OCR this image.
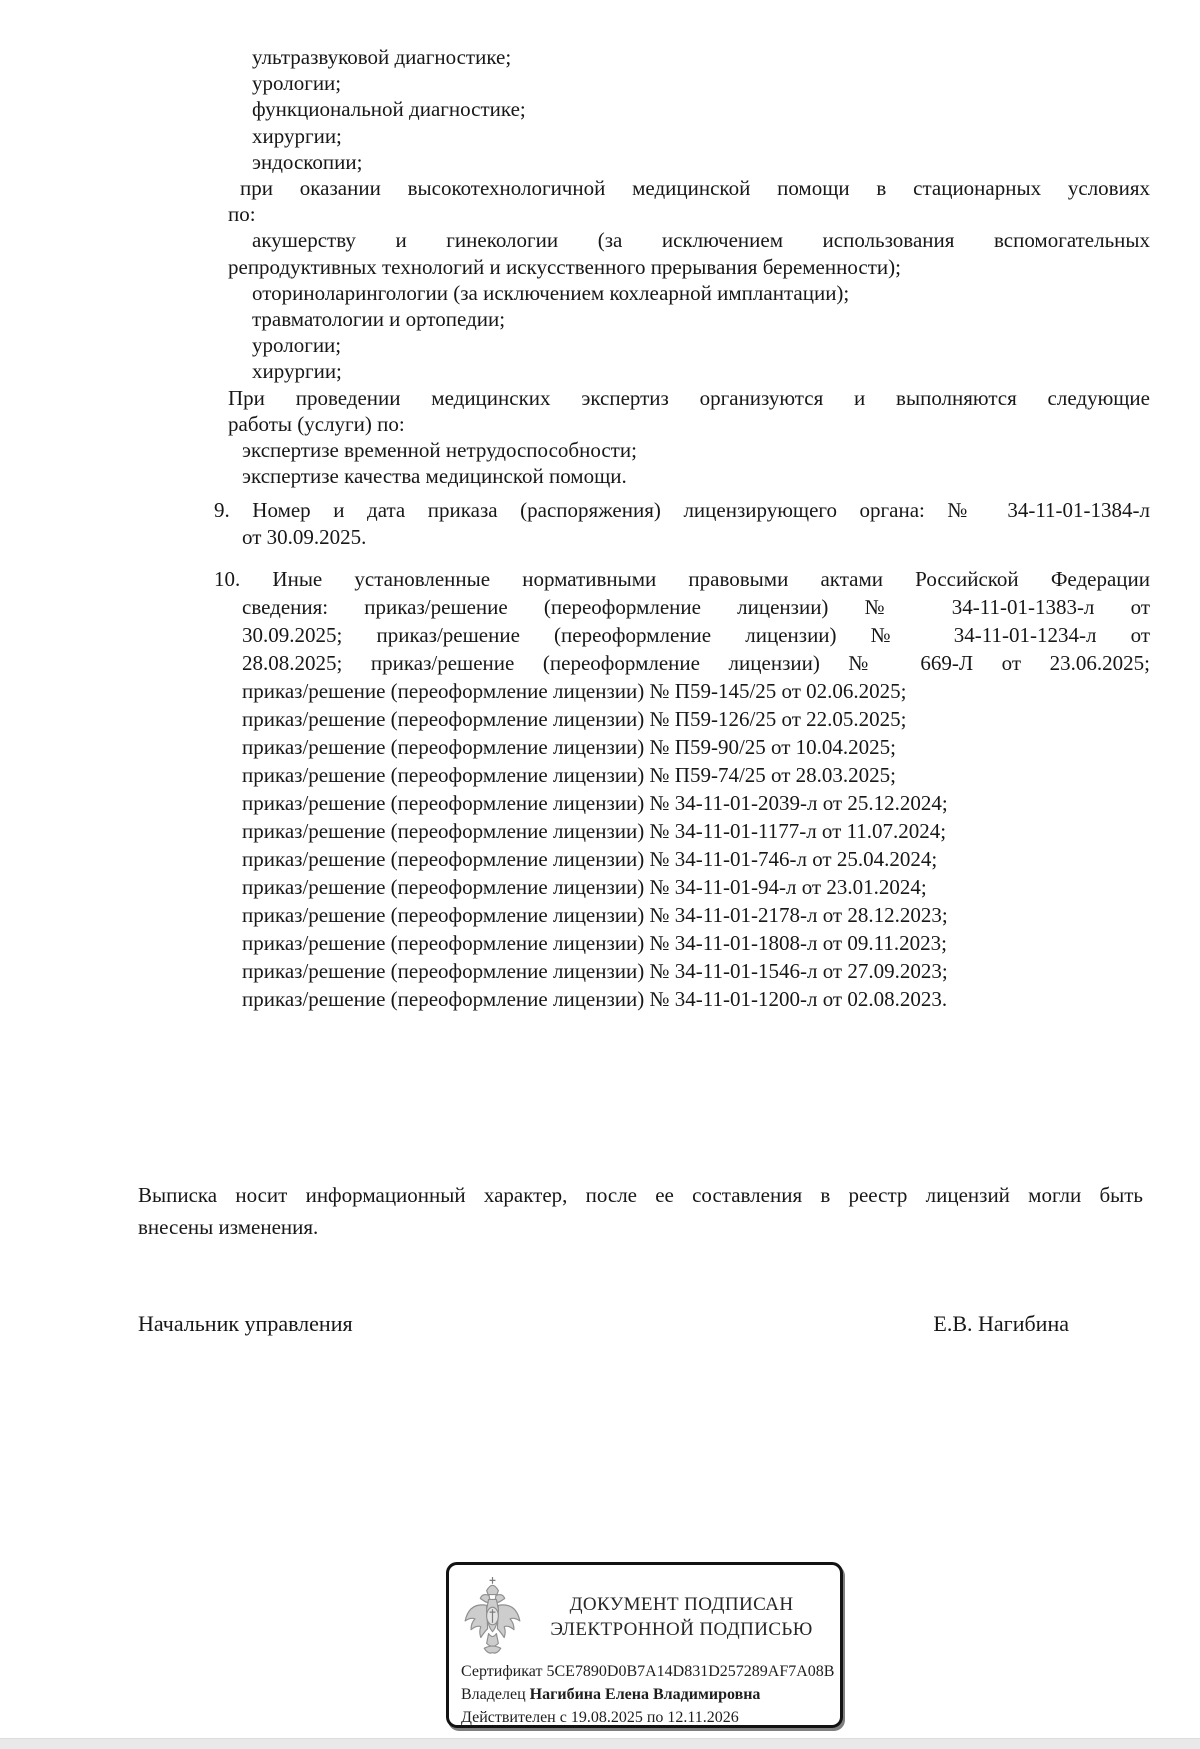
ультразвуковой диагностике;
урологии;
функциональной диагностике;
хирургии;
эндоскопии;
при оказании высокотехнологичной медицинской помощи в стационарных условиях
по:
акушерству и гинекологии (за исключением использования вспомогательных
репродуктивных технологий и искусственного прерывания беременности);
оториноларингологии (за исключением кохлеарной имплантации);
травматологии и ортопедии;
урологии;
хирургии;
При проведении медицинских экспертиз организуются и выполняются следующие
работы (услуги) по:
экспертизе временной нетрудоспособности;
экспертизе качества медицинской помощи.
9. Номер и дата приказа (распоряжения) лицензирующего органа: № 34-11-01-1384-л
от 30.09.2025.
10. Иные установленные нормативными правовыми актами Российской Федерации
сведения: приказ/решение (переоформление лицензии) № 34-11-01-1383-л от
30.09.2025; приказ/решение (переоформление лицензии) № 34-11-01-1234-л от
28.08.2025; приказ/решение (переоформление лицензии) № 669-Л от 23.06.2025;
приказ/решение (переоформление лицензии) № П59-145/25 от 02.06.2025;
приказ/решение (переоформление лицензии) № П59-126/25 от 22.05.2025;
приказ/решение (переоформление лицензии) № П59-90/25 от 10.04.2025;
приказ/решение (переоформление лицензии) № П59-74/25 от 28.03.2025;
приказ/решение (переоформление лицензии) № 34-11-01-2039-л от 25.12.2024;
приказ/решение (переоформление лицензии) № 34-11-01-1177-л от 11.07.2024;
приказ/решение (переоформление лицензии) № 34-11-01-746-л от 25.04.2024;
приказ/решение (переоформление лицензии) № 34-11-01-94-л от 23.01.2024;
приказ/решение (переоформление лицензии) № 34-11-01-2178-л от 28.12.2023;
приказ/решение (переоформление лицензии) № 34-11-01-1808-л от 09.11.2023;
приказ/решение (переоформление лицензии) № 34-11-01-1546-л от 27.09.2023;
приказ/решение (переоформление лицензии) № 34-11-01-1200-л от 02.08.2023.
Выписка носит информационный характер, после ее составления в реестр лицензий могли быть
внесены изменения.
Начальник управления	Е.В. Нагибина
ДОКУМЕНТ ПОДПИСАН
ЭЛЕКТРОННОЙ ПОДПИСЬЮ
Сертификат 5CE7890D0B7A14D831D257289AF7A08B
Владелец Нагибина Елена Владимировна
Действителен с 19.08.2025 по 12.11.2026
